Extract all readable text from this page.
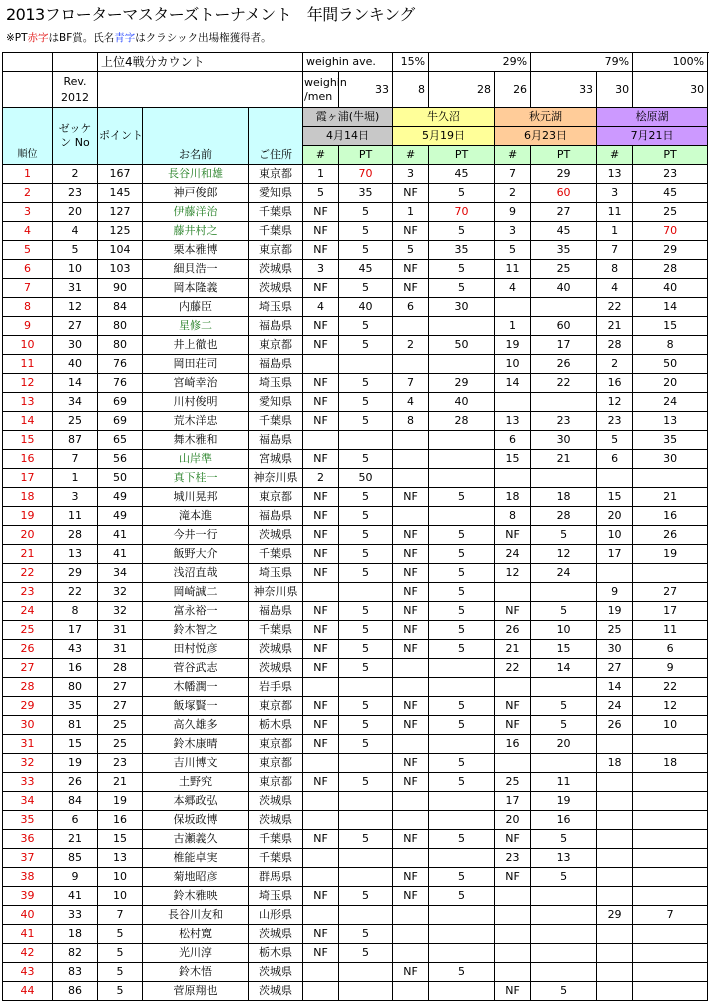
2013フローターマスターズトーナメント　年間ランキング
※PT赤字はBF賞。氏名青字はクラシック出場権獲得者。
		上位4戦分カウント			weighin ave.		15%	29%		79%		100%
	Rev. 2012				weighin /men	33	8	28	26	33	30	30
順位	ゼッケン No	ポイント	お名前	ご住所	霞ヶ浦(牛堀)		牛久沼		秋元湖		桧原湖	
					4月14日		5月19日		6月23日		7月21日	
					#	PT	#	PT	#	PT	#	PT
1	2	167	長谷川和雄	東京都	1	70	3	45	7	29	13	23
2	23	145	神戸俊郎	愛知県	5	35	NF	5	2	60	3	45
3	20	127	伊藤洋治	千葉県	NF	5	1	70	9	27	11	25
4	4	125	藤井村之	千葉県	NF	5	NF	5	3	45	1	70
5	5	104	栗本雅博	東京都	NF	5	5	35	5	35	7	29
6	10	103	細貝浩一	茨城県	3	45	NF	5	11	25	8	28
7	31	90	岡本隆義	茨城県	NF	5	NF	5	4	40	4	40
8	12	84	内藤臣	埼玉県	4	40	6	30			22	14
9	27	80	星修二	福島県	NF	5			1	60	21	15
10	30	80	井上徹也	東京都	NF	5	2	50	19	17	28	8
11	40	76	岡田荘司	福島県					10	26	2	50
12	14	76	宮崎幸治	埼玉県	NF	5	7	29	14	22	16	20
13	34	69	川村俊明	愛知県	NF	5	4	40			12	24
14	25	69	荒木洋忠	千葉県	NF	5	8	28	13	23	23	13
15	87	65	舞木雅和	福島県					6	30	5	35
16	7	56	山岸準	宮城県	NF	5			15	21	6	30
17	1	50	真下桂一	神奈川県	2	50						
18	3	49	城川晃邦	東京都	NF	5	NF	5	18	18	15	21
19	11	49	滝本進	福島県	NF	5			8	28	20	16
20	28	41	今井一行	茨城県	NF	5	NF	5	NF	5	10	26
21	13	41	飯野大介	千葉県	NF	5	NF	5	24	12	17	19
22	29	34	浅沼直哉	埼玉県	NF	5	NF	5	12	24		
23	22	32	岡崎誠二	神奈川県			NF	5			9	27
24	8	32	富永裕一	福島県	NF	5	NF	5	NF	5	19	17
25	17	31	鈴木智之	千葉県	NF	5	NF	5	26	10	25	11
26	43	31	田村悦彦	茨城県	NF	5	NF	5	21	15	30	6
27	16	28	菅谷武志	茨城県	NF	5			22	14	27	9
28	80	27	木幡潤一	岩手県							14	22
29	35	27	飯塚賢一	東京都	NF	5	NF	5	NF	5	24	12
30	81	25	高久雄多	栃木県	NF	5	NF	5	NF	5	26	10
31	15	25	鈴木康晴	東京都	NF	5			16	20		
32	19	23	吉川博文	東京都			NF	5			18	18
33	26	21	土野究	東京都	NF	5	NF	5	25	11		
34	84	19	本郷政弘	茨城県					17	19		
35	6	16	保坂政博	茨城県					20	16		
36	21	15	古瀬義久	千葉県	NF	5	NF	5	NF	5		
37	85	13	椎能卓実	千葉県					23	13		
38	9	10	菊地昭彦	群馬県			NF	5	NF	5		
39	41	10	鈴木雅映	埼玉県	NF	5	NF	5				
40	33	7	長谷川友和	山形県							29	7
41	18	5	松村寛	茨城県	NF	5						
42	82	5	光川淳	栃木県	NF	5						
43	83	5	鈴木悟	茨城県			NF	5				
44	86	5	菅原翔也	茨城県					NF	5		
